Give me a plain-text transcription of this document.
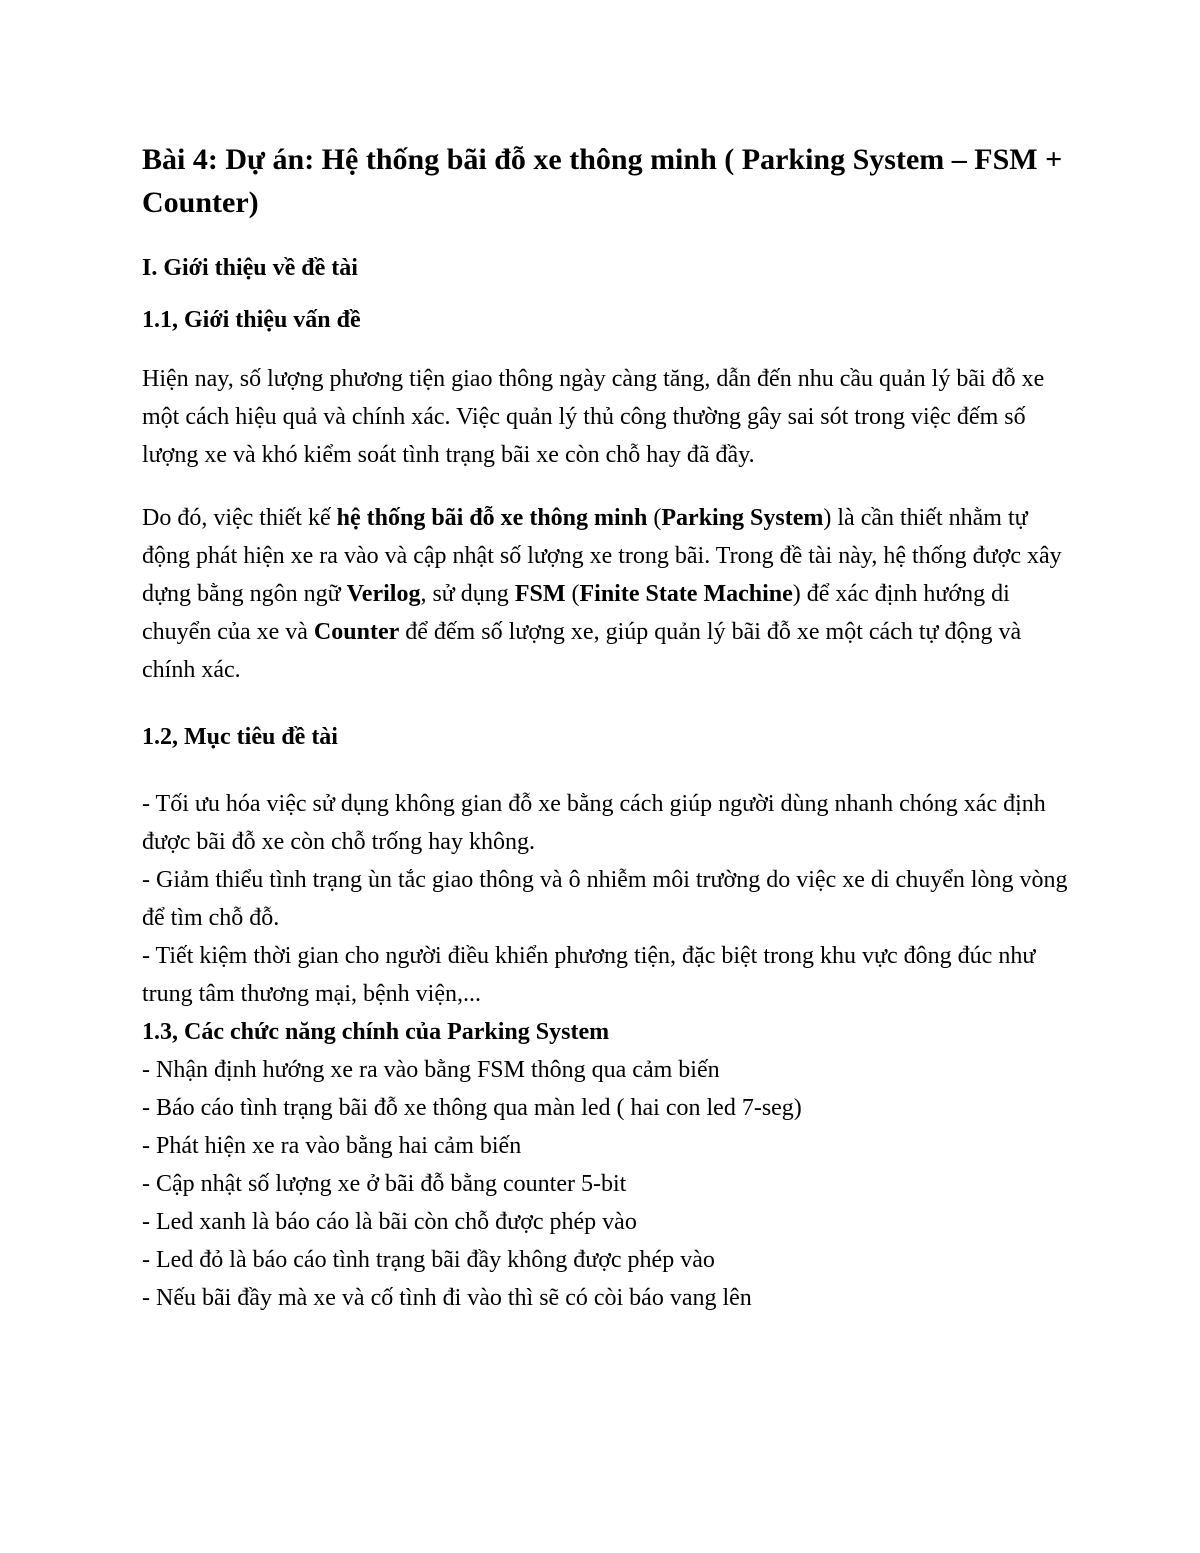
Bài 4: Dự án: Hệ thống bãi đỗ xe thông minh ( Parking System – FSM + Counter)
I. Giới thiệu về đề tài
1.1, Giới thiệu vấn đề

Hiện nay, số lượng phương tiện giao thông ngày càng tăng, dẫn đến nhu cầu quản lý bãi đỗ xe một cách hiệu quả và chính xác. Việc quản lý thủ công thường gây sai sót trong việc đếm số lượng xe và khó kiểm soát tình trạng bãi xe còn chỗ hay đã đầy.

Do đó, việc thiết kế hệ thống bãi đỗ xe thông minh (Parking System) là cần thiết nhằm tự động phát hiện xe ra vào và cập nhật số lượng xe trong bãi. Trong đề tài này, hệ thống được xây dựng bằng ngôn ngữ Verilog, sử dụng FSM (Finite State Machine) để xác định hướng di chuyển của xe và Counter để đếm số lượng xe, giúp quản lý bãi đỗ xe một cách tự động và chính xác.

1.2, Mục tiêu đề tài
- Tối ưu hóa việc sử dụng không gian đỗ xe bằng cách giúp người dùng nhanh chóng xác định được bãi đỗ xe còn chỗ trống hay không.
- Giảm thiểu tình trạng ùn tắc giao thông và ô nhiễm môi trường do việc xe di chuyển lòng vòng để tìm chỗ đỗ.
- Tiết kiệm thời gian cho người điều khiển phương tiện, đặc biệt trong khu vực đông đúc như trung tâm thương mại, bệnh viện,...
1.3, Các chức năng chính của Parking System
- Nhận định hướng xe ra vào bằng FSM thông qua cảm biến
- Báo cáo tình trạng bãi đỗ xe thông qua màn led ( hai con led 7-seg)
- Phát hiện xe ra vào bằng hai cảm biến
- Cập nhật số lượng xe ở bãi đỗ bằng counter 5-bit
- Led xanh là báo cáo là bãi còn chỗ được phép vào
- Led đỏ là báo cáo tình trạng bãi đầy không được phép vào
- Nếu bãi đầy mà xe và cố tình đi vào thì sẽ có còi báo vang lên
